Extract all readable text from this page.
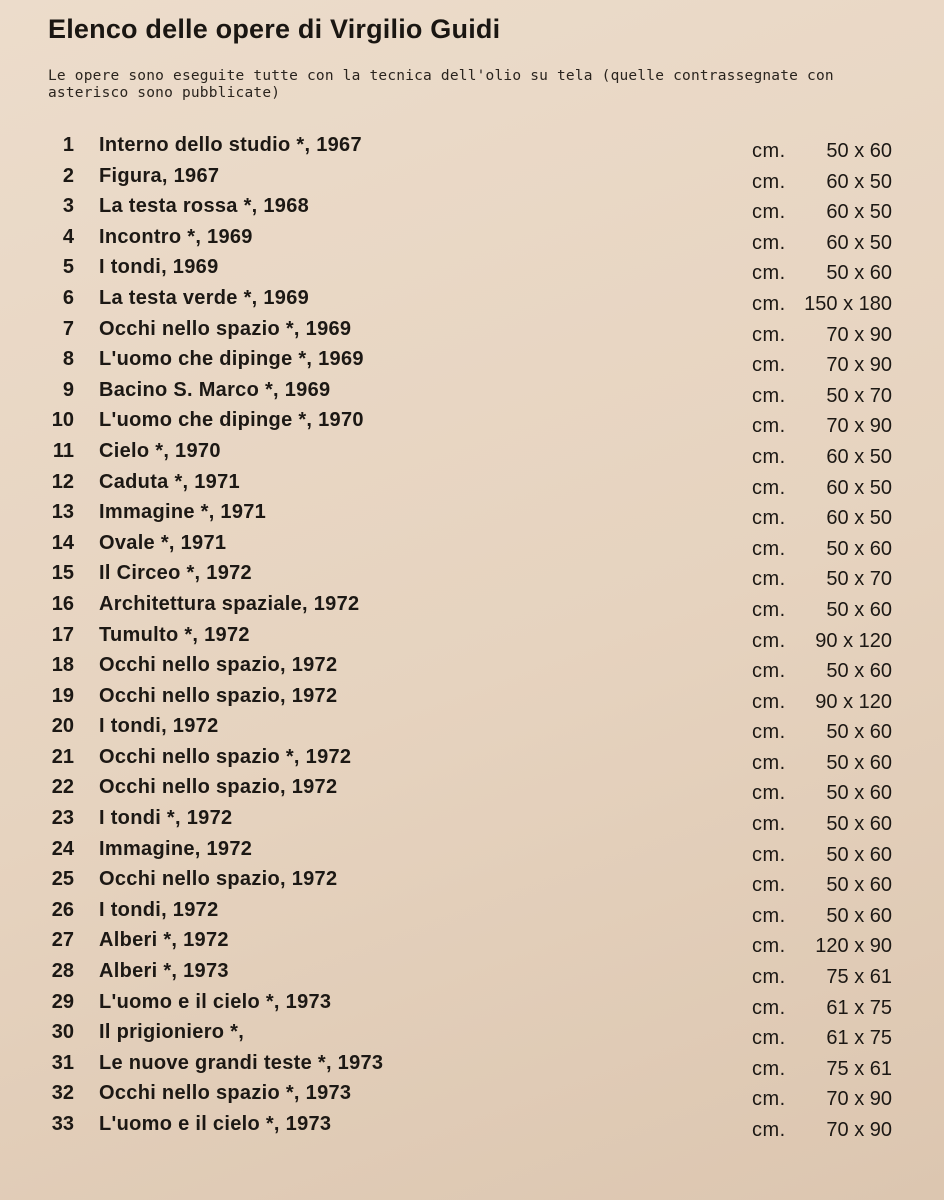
Elenco delle opere di Virgilio Guidi
Le opere sono eseguite tutte con la tecnica dell'olio su tela (quelle contrassegnate con asterisco sono pubblicate)
1 Interno dello studio *, 1967	cm.	50 x 60
2 Figura, 1967	cm.	60 x 50
3 La testa rossa *, 1968	cm.	60 x 50
4 Incontro *, 1969	cm.	60 x 50
5 I tondi, 1969	cm.	50 x 60
6 La testa verde *, 1969	cm. 150 x 180
7 Occhi nello spazio *, 1969	cm.	70 x 90
8 L'uomo che dipinge *, 1969	cm.	70 x 90
9 Bacino S. Marco *, 1969	cm.	50 x 70
10 L'uomo che dipinge *, 1970	cm.	70 x 90
11 Cielo *, 1970	cm.	60 x 50
12 Caduta *, 1971	cm.	60 x 50
13 Immagine *, 1971	cm.	60 x 50
14 Ovale *, 1971	cm.	50 x 60
15 Il Circeo *, 1972	cm.	50 x 70
16 Architettura spaziale, 1972	cm.	50 x 60
17 Tumulto *, 1972	cm.	90 x 120
18 Occhi nello spazio, 1972	cm.	50 x 60
19 Occhi nello spazio, 1972	cm.	90 x 120
20 I tondi, 1972	cm.	50 x 60
21 Occhi nello spazio *, 1972	cm.	50 x 60
22 Occhi nello spazio, 1972	cm.	50 x 60
23 I tondi *, 1972	cm.	50 x 60
24 Immagine, 1972	cm.	50 x 60
25 Occhi nello spazio, 1972	cm.	50 x 60
26 I tondi, 1972	cm.	50 x 60
27 Alberi *, 1972	cm.	120 x 90
28 Alberi *, 1973	cm.	75 x 61
29 L'uomo e il cielo *, 1973	cm.	61 x 75
30 Il prigioniero *,	cm.	61 x 75
31 Le nuove grandi teste *, 1973	cm.	75 x 61
32 Occhi nello spazio *, 1973	cm.	70 x 90
33 L'uomo e il cielo *, 1973	cm.	70 x 90
